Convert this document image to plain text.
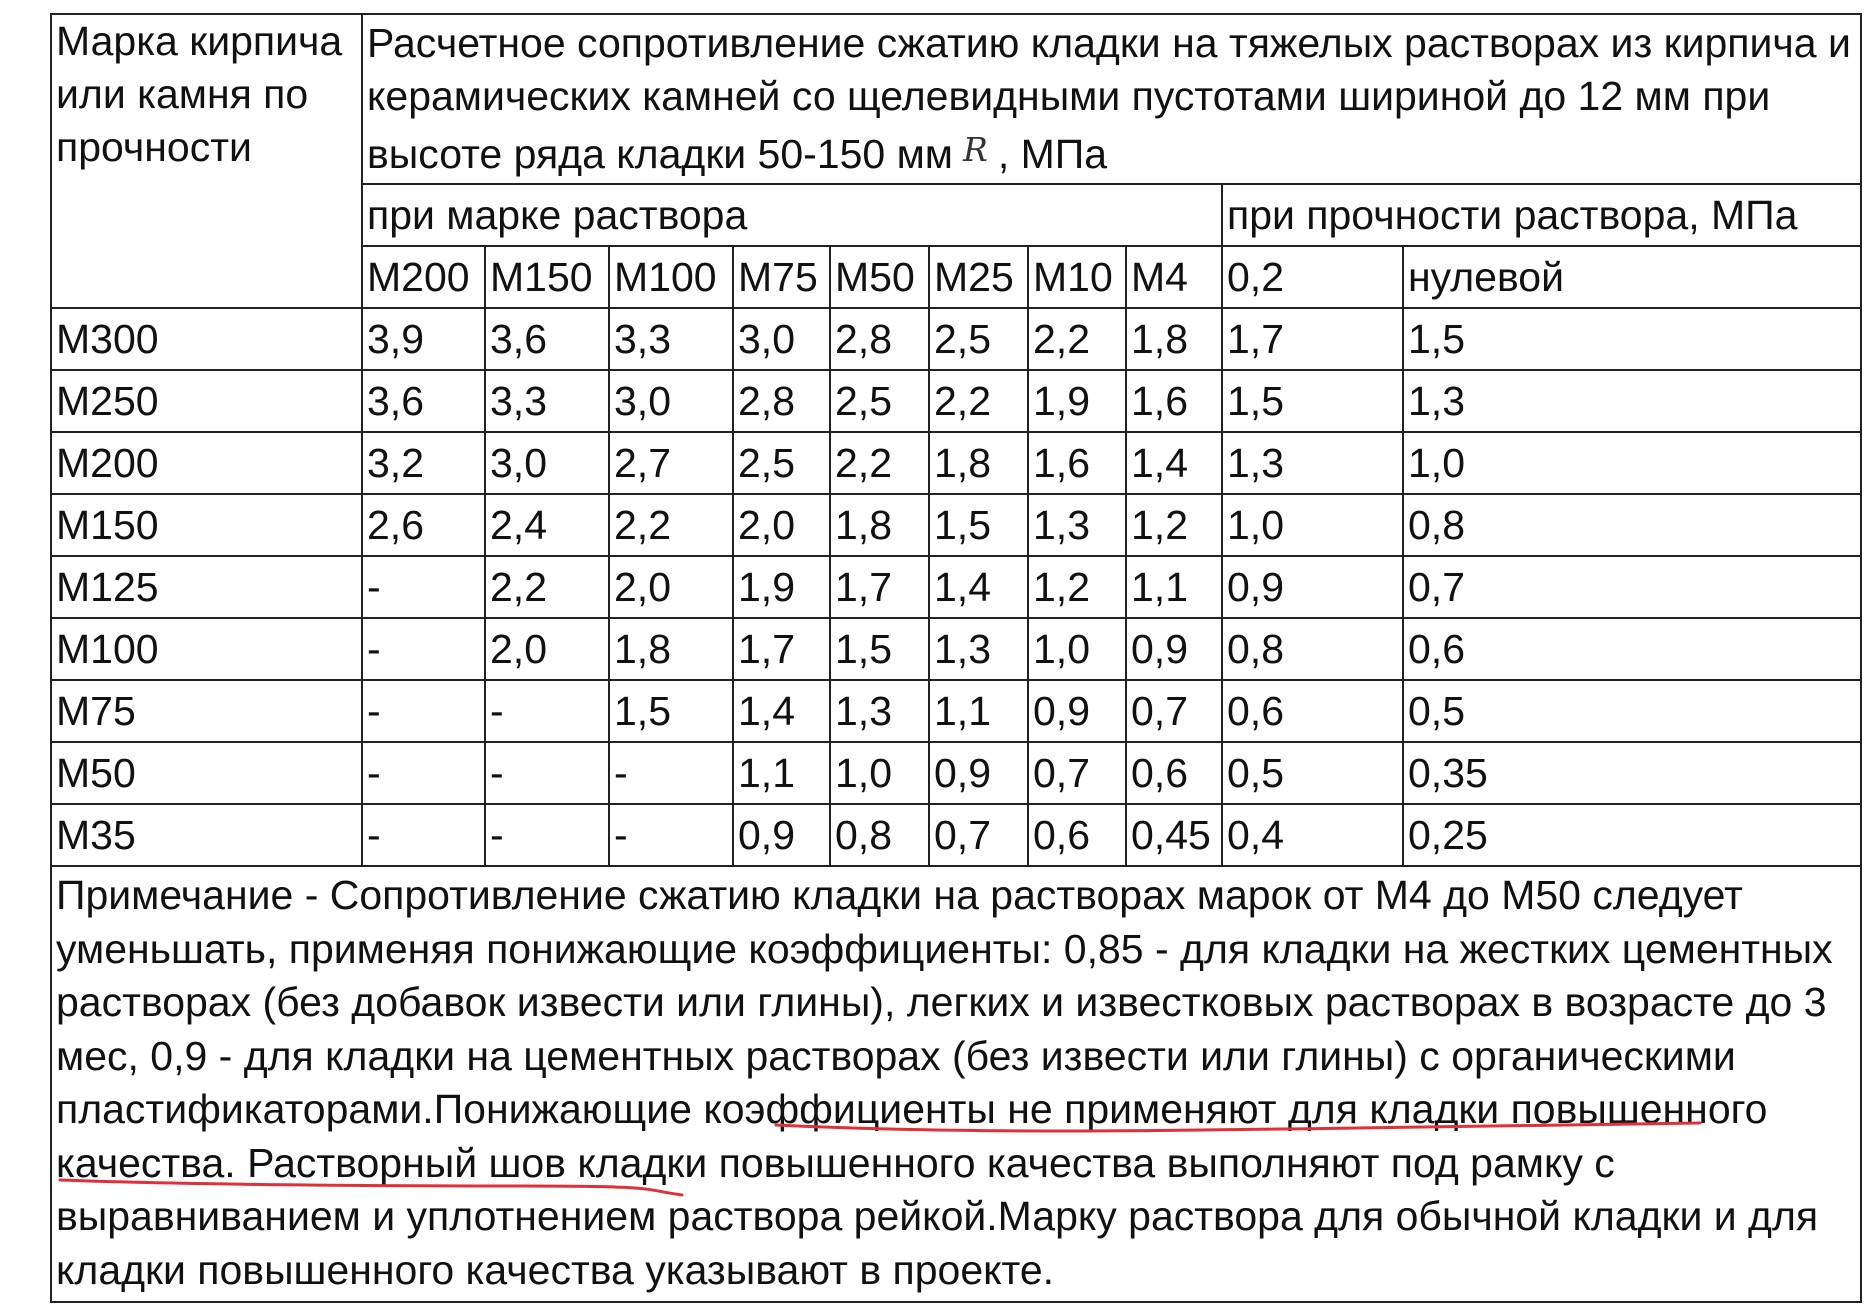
Марка кирпича или камня по прочности	Расчетное сопротивление сжатию кладки на тяжелых растворах из кирпича и керамических камней со щелевидными пустотами шириной до 12 мм при высоте ряда кладки 50-150 мм R , МПа									
	при марке раствора								при прочности раствора, МПа	
	М200	М150	М100	М75	М50	М25	М10	М4	0,2	нулевой
М300	3,9	3,6	3,3	3,0	2,8	2,5	2,2	1,8	1,7	1,5
М250	3,6	3,3	3,0	2,8	2,5	2,2	1,9	1,6	1,5	1,3
М200	3,2	3,0	2,7	2,5	2,2	1,8	1,6	1,4	1,3	1,0
М150	2,6	2,4	2,2	2,0	1,8	1,5	1,3	1,2	1,0	0,8
М125	-	2,2	2,0	1,9	1,7	1,4	1,2	1,1	0,9	0,7
М100	-	2,0	1,8	1,7	1,5	1,3	1,0	0,9	0,8	0,6
М75	-	-	1,5	1,4	1,3	1,1	0,9	0,7	0,6	0,5
М50	-	-	-	1,1	1,0	0,9	0,7	0,6	0,5	0,35
М35	-	-	-	0,9	0,8	0,7	0,6	0,45	0,4	0,25
Примечание - Сопротивление сжатию кладки на растворах марок от М4 до М50 следует уменьшать, применяя понижающие коэффициенты: 0,85 - для кладки на жестких цементных растворах (без добавок извести или глины), легких и известковых растворах в возрасте до 3 мес, 0,9 - для кладки на цементных растворах (без извести или глины) с органическими пластификаторами.Понижающие коэффициенты не применяют для кладки повышенного качества. Растворный шов кладки повышенного качества выполняют под рамку с выравниванием и уплотнением раствора рейкой.Марку раствора для обычной кладки и для кладки повышенного качества указывают в проекте.										
